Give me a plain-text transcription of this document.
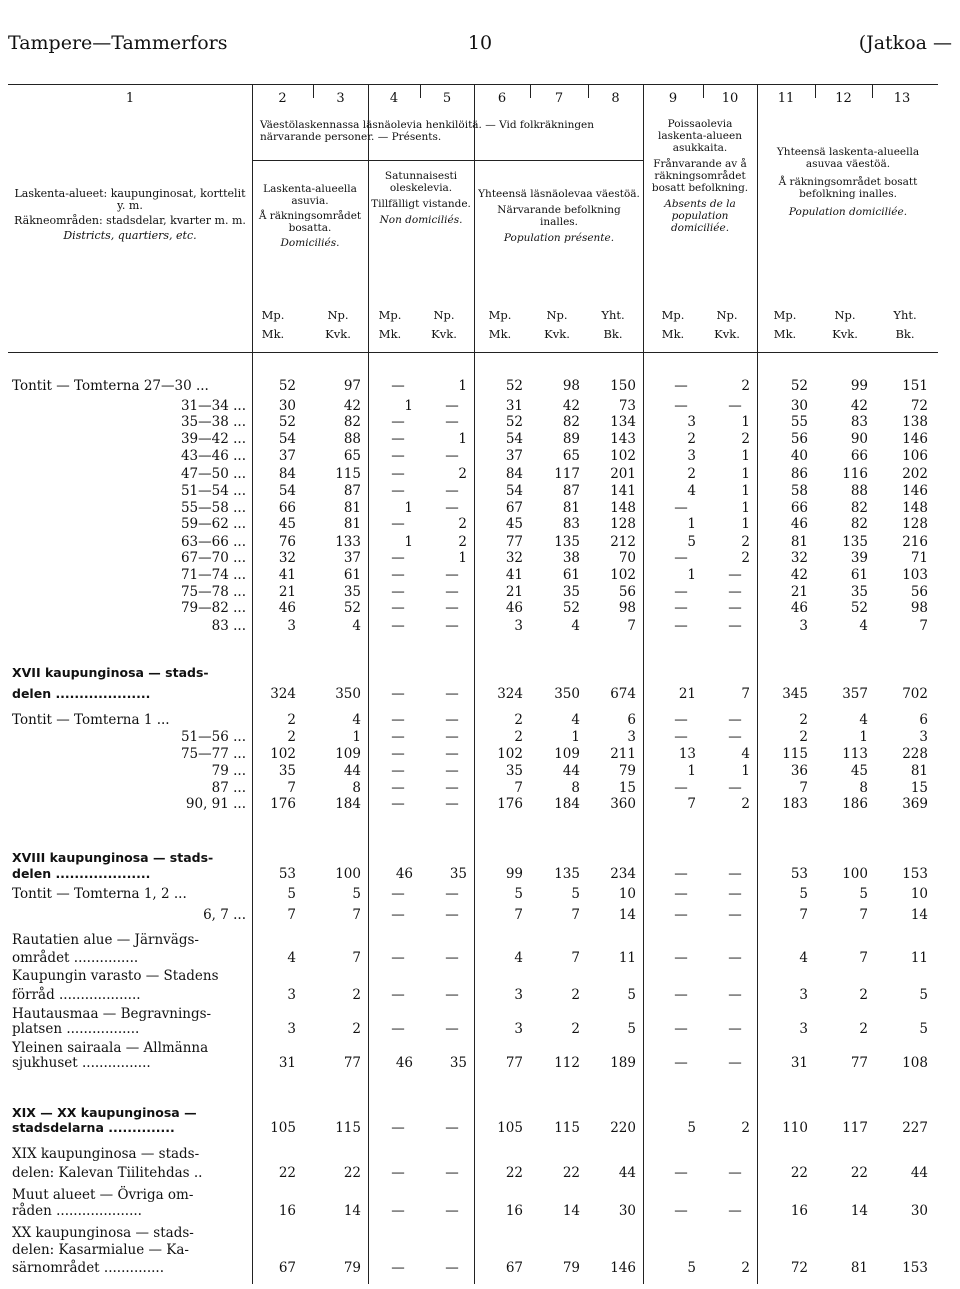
Tampere—Tammerfors	10	(Jatkoa —
1	2	3	4	5	6	7	8	9	10	11	12	13
Laskenta-alueet: kaupunginosat, korttelit y. m.
Räkneområden: stadsdelar, kvarter m. m.
Districts, quartiers, etc.
Väestölaskennassa läsnäolevia henkilöitä. — Vid folkräkningen närvarande personer. — Présents.
Laskenta-alueella asuvia.
Å räkningsområdet bosatta.
Domiciliés.
Satunnaisesti oleskelevia.
Tillfälligt vistande.
Non domiciliés.
Yhteensä läsnäolevaa väestöä.
Närvarande befolkning inalles.
Population présente.
Poissaolevia laskenta-alueen asukkaita.
Frånvarande av å räkningsområdet bosatt befolkning.
Absents de la population domiciliée.
Yhteensä laskenta-alueella asuvaa väestöä.
Å räkningsområdet bosatt befolkning inalles.
Population domiciliée.
Mp.	Np.	Mp.	Np.	Mp.	Np.	Yht.	Mp.	Np.	Mp.	Np.	Yht.
Mk.	Kvk.	Mk.	Kvk.	Mk.	Kvk.	Bk.	Mk.	Kvk.	Mk.	Kvk.	Bk.
Tontit — Tomterna 27—30 ...	52	97	—	1	52	98	150	—	2	52	99	151
31—34 ...	30	42	1	—	31	42	73	—	—	30	42	72
35—38 ...	52	82	—	—	52	82	134	3	1	55	83	138
39—42 ...	54	88	—	1	54	89	143	2	2	56	90	146
43—46 ...	37	65	—	—	37	65	102	3	1	40	66	106
47—50 ...	84	115	—	2	84	117	201	2	1	86	116	202
51—54 ...	54	87	—	—	54	87	141	4	1	58	88	146
55—58 ...	66	81	1	—	67	81	148	—	1	66	82	148
59—62 ...	45	81	—	2	45	83	128	1	1	46	82	128
63—66 ...	76	133	1	2	77	135	212	5	2	81	135	216
67—70 ...	32	37	—	1	32	38	70	—	2	32	39	71
71—74 ...	41	61	—	—	41	61	102	1	—	42	61	103
75—78 ...	21	35	—	—	21	35	56	—	—	21	35	56
79—82 ...	46	52	—	—	46	52	98	—	—	46	52	98
83 ...	3	4	—	—	3	4	7	—	—	3	4	7
XVII kaupunginosa — stads-
delen ....................	324	350	—	—	324	350	674	21	7	345	357	702
Tontit — Tomterna 1 ...	2	4	—	—	2	4	6	—	—	2	4	6
51—56 ...	2	1	—	—	2	1	3	—	—	2	1	3
75—77 ...	102	109	—	—	102	109	211	13	4	115	113	228
79 ...	35	44	—	—	35	44	79	1	1	36	45	81
87 ...	7	8	—	—	7	8	15	—	—	7	8	15
90, 91 ...	176	184	—	—	176	184	360	7	2	183	186	369
XVIII kaupunginosa — stads-
delen ....................	53	100	46	35	99	135	234	—	—	53	100	153
Tontit — Tomterna 1, 2 ...	5	5	—	—	5	5	10	—	—	5	5	10
6, 7 ...	7	7	—	—	7	7	14	—	—	7	7	14
Rautatien alue — Järnvägs-
området ...............	4	7	—	—	4	7	11	—	—	4	7	11
Kaupungin varasto — Stadens
förråd ...................	3	2	—	—	3	2	5	—	—	3	2	5
Hautausmaa — Begravnings-
platsen .................	3	2	—	—	3	2	5	—	—	3	2	5
Yleinen sairaala — Allmänna
sjukhuset ................	31	77	46	35	77	112	189	—	—	31	77	108
XIX — XX kaupunginosa —
stadsdelarna ..............	105	115	—	—	105	115	220	5	2	110	117	227
XIX kaupunginosa — stads-
delen: Kalevan Tiilitehdas ..	22	22	—	—	22	22	44	—	—	22	22	44
Muut alueet — Övriga om-
råden ....................	16	14	—	—	16	14	30	—	—	16	14	30
XX kaupunginosa — stads-
delen: Kasarmialue — Ka-
särnområdet ..............	67	79	—	—	67	79	146	5	2	72	81	153
